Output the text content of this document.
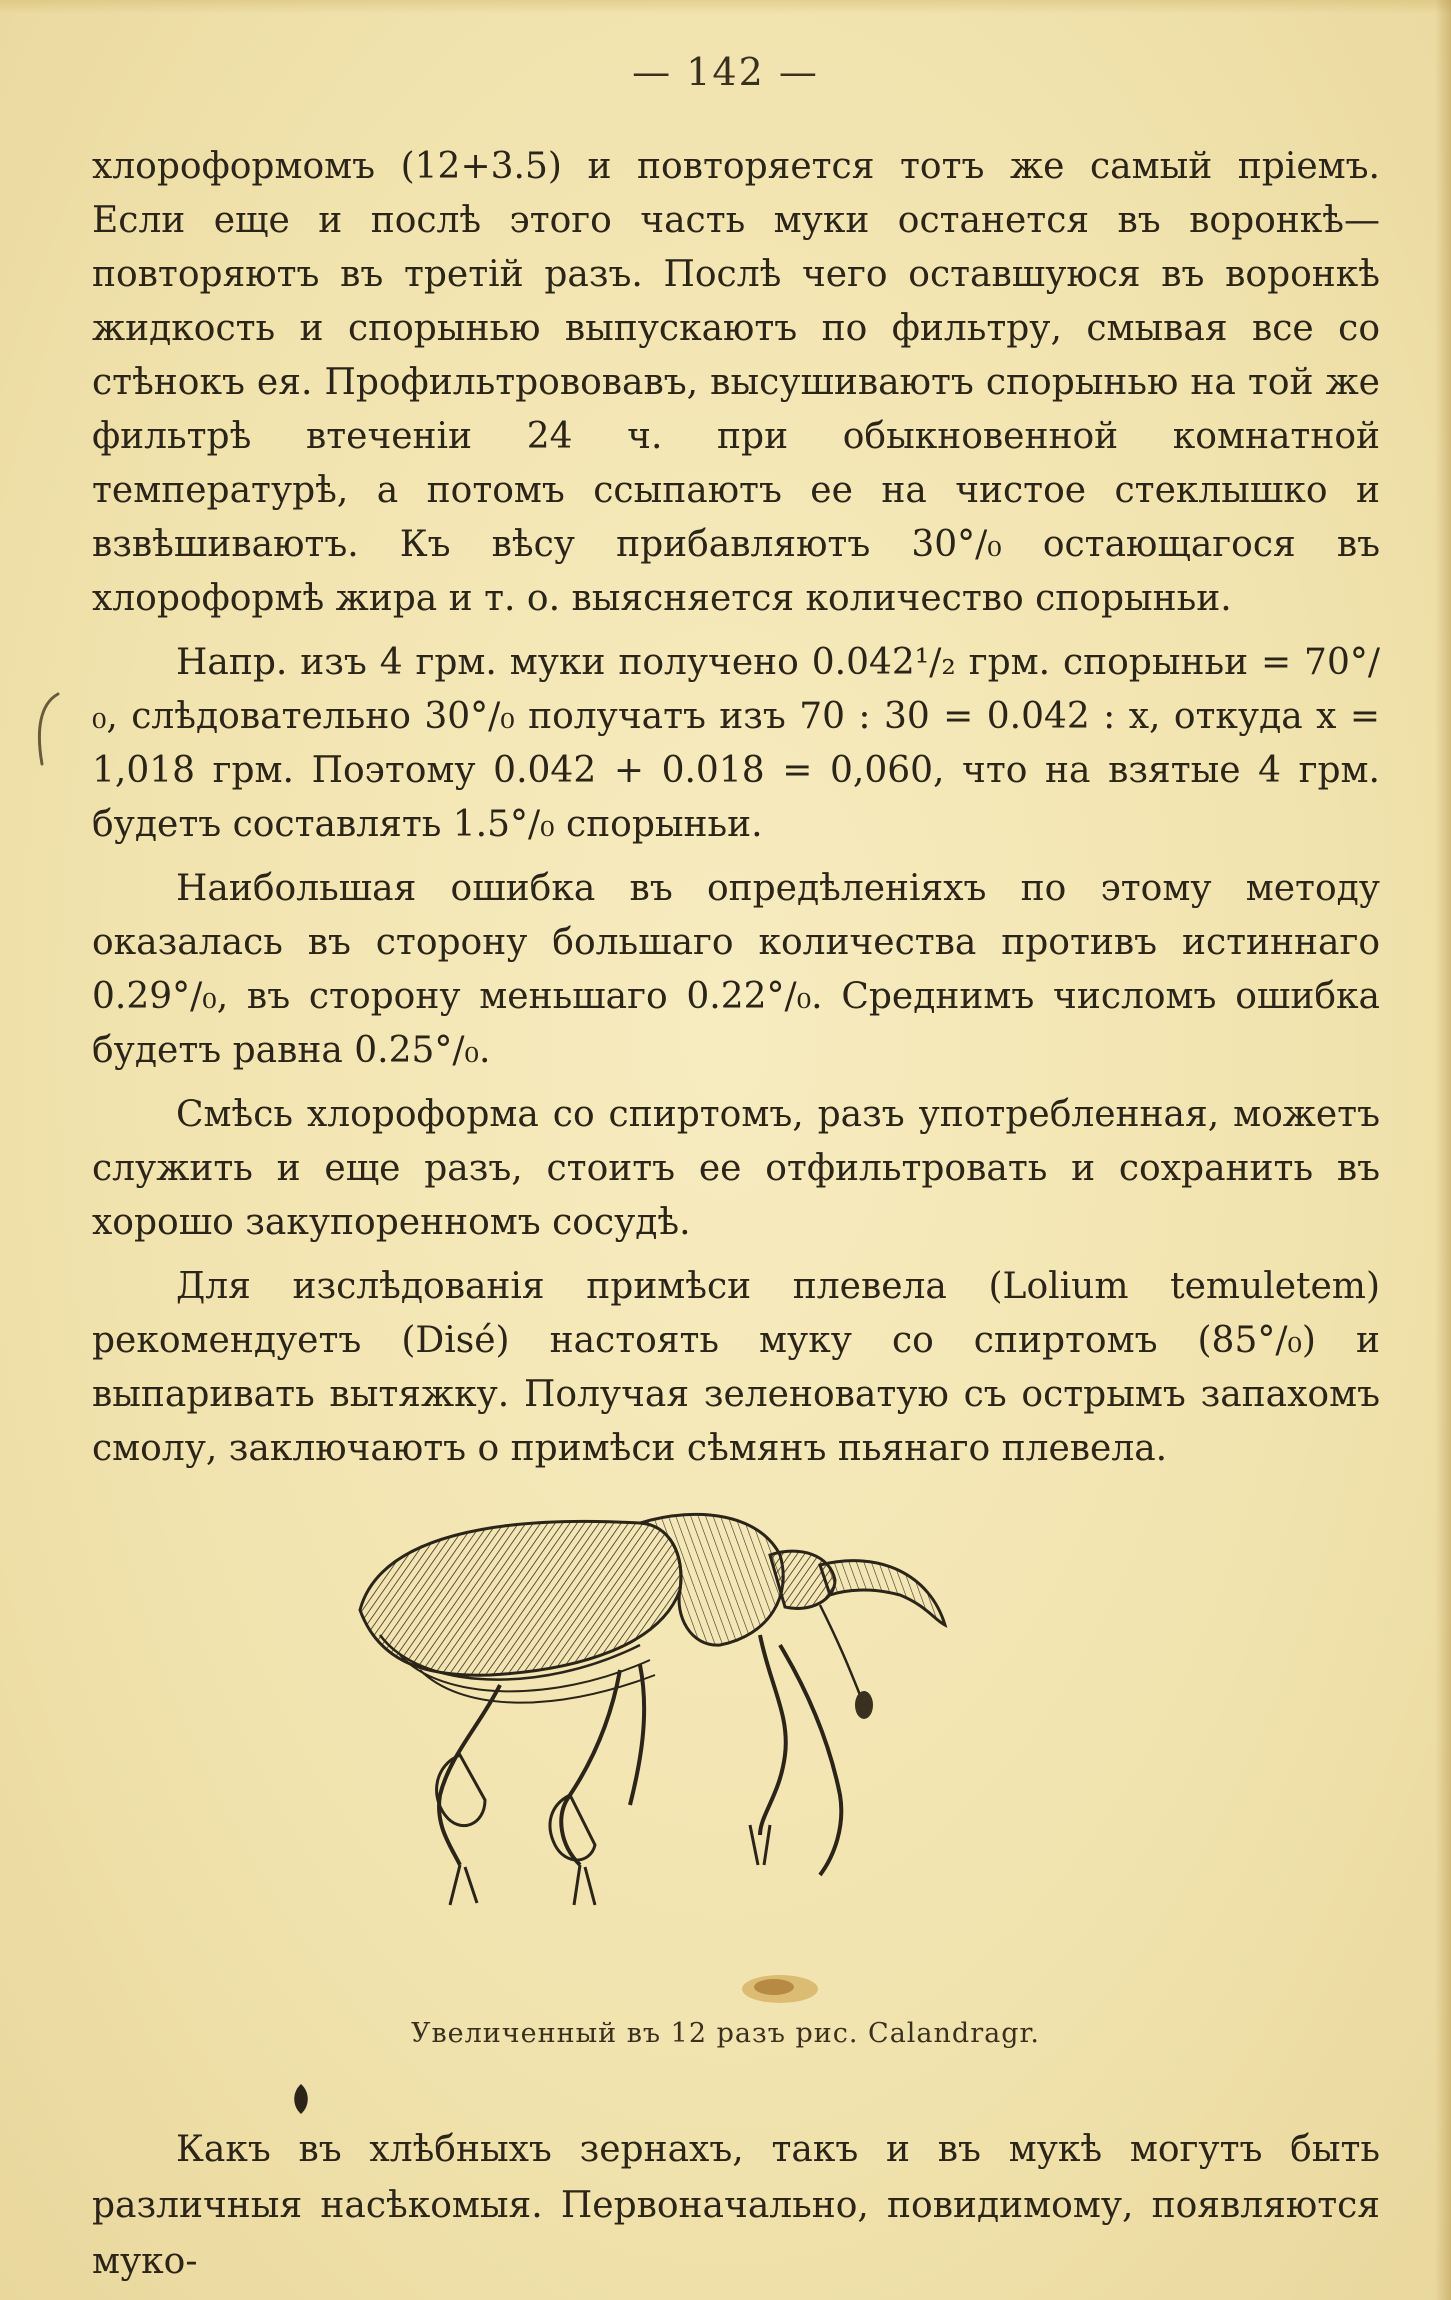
— 142 —

хлороформомъ (12+3.5) и повторяется тотъ же самый пріемъ. Если еще и послѣ этого часть муки останется въ воронкѣ—повторяютъ въ третій разъ. Послѣ чего оставшуюся въ воронкѣ жидкость и спорынью выпускаютъ по фильтру, смывая все со стѣнокъ ея. Профильтрововавъ, высушиваютъ спорынью на той же фильтрѣ втеченіи 24 ч. при обыкновенной комнатной температурѣ, а потомъ ссыпаютъ ее на чистое стеклышко и взвѣшиваютъ. Къ вѣсу прибавляютъ 30°/₀ остающагося въ хлороформѣ жира и т. о. выясняется количество спорыньи.

Напр. изъ 4 грм. муки получено 0.042¹/₂ грм. спорыньи = 70°/₀, слѣдовательно 30°/₀ получатъ изъ 70 : 30 = 0.042 : x, откуда x = 1,018 грм. Поэтому 0.042 + 0.018 = 0,060, что на взятые 4 грм. будетъ составлять 1.5°/₀ спорыньи.

Наибольшая ошибка въ опредѣленіяхъ по этому методу оказалась въ сторону большаго количества противъ истиннаго 0.29°/₀, въ сторону меньшаго 0.22°/₀. Среднимъ числомъ ошибка будетъ равна 0.25°/₀.

Смѣсь хлороформа со спиртомъ, разъ употребленная, можетъ служить и еще разъ, стоитъ ее отфильтровать и сохранить въ хорошо закупоренномъ сосудѣ.

Для изслѣдованія примѣси плевела (Lolium temuletem) рекомендуетъ (Disé) настоять муку со спиртомъ (85°/₀) и выпаривать вытяжку. Получая зеленоватую съ острымъ запахомъ смолу, заключаютъ о примѣси сѣмянъ пьянаго плевела.

Увеличенный въ 12 разъ рис. Calandragr.

Какъ въ хлѣбныхъ зернахъ, такъ и въ мукѣ могутъ быть различныя насѣкомыя. Первоначально, повидимому, появляются муко-
